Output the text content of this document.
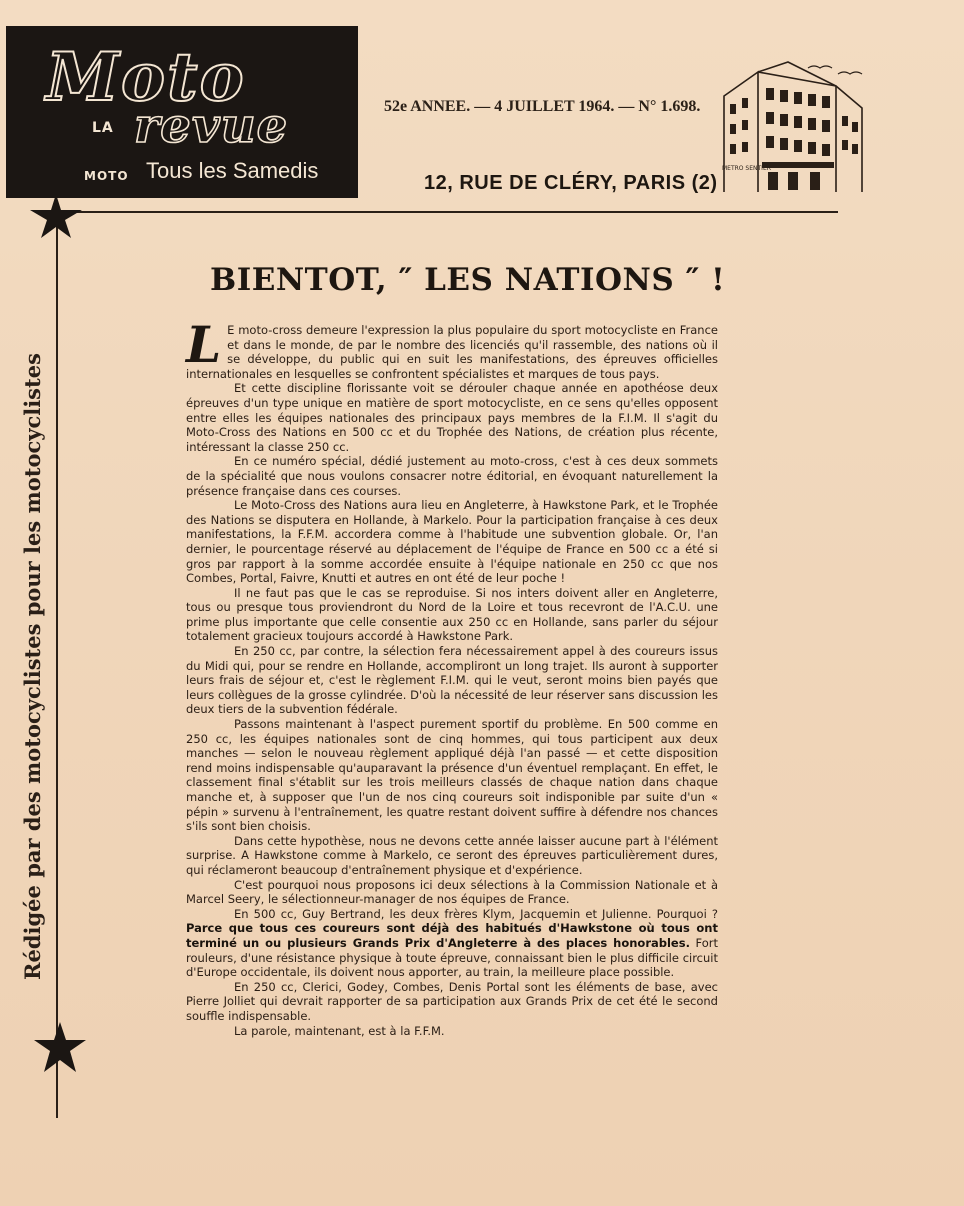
Moto
LA
MOTO
revue
Tous les Samedis
52e ANNEE. — 4 JUILLET 1964. — N° 1.698.
12, RUE DE CLÉRY, PARIS (2)
METRO SENTIER
Rédigée par des motocyclistes pour les motocyclistes
BIENTOT, ″ LES NATIONS ″ !

L E moto-cross demeure l'expression la plus populaire du sport motocycliste en France et dans le monde, de par le nombre des licenciés qu'il rassemble, des nations où il se développe, du public qui en suit les manifestations, des épreuves officielles internationales en lesquelles se confrontent spécialistes et marques de tous pays.

Et cette discipline florissante voit se dérouler chaque année en apothéose deux épreuves d'un type unique en matière de sport motocycliste, en ce sens qu'elles opposent entre elles les équipes nationales des principaux pays membres de la F.I.M. Il s'agit du Moto-Cross des Nations en 500 cc et du Trophée des Nations, de création plus récente, intéressant la classe 250 cc.

En ce numéro spécial, dédié justement au moto-cross, c'est à ces deux sommets de la spécialité que nous voulons consacrer notre éditorial, en évoquant naturellement la présence française dans ces courses.

Le Moto-Cross des Nations aura lieu en Angleterre, à Hawkstone Park, et le Trophée des Nations se disputera en Hollande, à Markelo. Pour la participation française à ces deux manifestations, la F.F.M. accordera comme à l'habitude une subvention globale. Or, l'an dernier, le pourcentage réservé au déplacement de l'équipe de France en 500 cc a été si gros par rapport à la somme accordée ensuite à l'équipe nationale en 250 cc que nos Combes, Portal, Faivre, Knutti et autres en ont été de leur poche !

Il ne faut pas que le cas se reproduise. Si nos inters doivent aller en Angleterre, tous ou presque tous proviendront du Nord de la Loire et tous recevront de l'A.C.U. une prime plus importante que celle consentie aux 250 cc en Hollande, sans parler du séjour totalement gracieux toujours accordé à Hawkstone Park.

En 250 cc, par contre, la sélection fera nécessairement appel à des coureurs issus du Midi qui, pour se rendre en Hollande, accompliront un long trajet. Ils auront à supporter leurs frais de séjour et, c'est le règlement F.I.M. qui le veut, seront moins bien payés que leurs collègues de la grosse cylindrée. D'où la nécessité de leur réserver sans discussion les deux tiers de la subvention fédérale.

Passons maintenant à l'aspect purement sportif du problème. En 500 comme en 250 cc, les équipes nationales sont de cinq hommes, qui tous participent aux deux manches — selon le nouveau règlement appliqué déjà l'an passé — et cette disposition rend moins indispensable qu'auparavant la présence d'un éventuel remplaçant. En effet, le classement final s'établit sur les trois meilleurs classés de chaque nation dans chaque manche et, à supposer que l'un de nos cinq coureurs soit indisponible par suite d'un « pépin » survenu à l'entraînement, les quatre restant doivent suffire à défendre nos chances s'ils sont bien choisis.

Dans cette hypothèse, nous ne devons cette année laisser aucune part à l'élément surprise. A Hawkstone comme à Markelo, ce seront des épreuves particulièrement dures, qui réclameront beaucoup d'entraînement physique et d'expérience.

C'est pourquoi nous proposons ici deux sélections à la Commission Nationale et à Marcel Seery, le sélectionneur-manager de nos équipes de France.

En 500 cc, Guy Bertrand, les deux frères Klym, Jacquemin et Julienne. Pourquoi ? Parce que tous ces coureurs sont déjà des habitués d'Hawkstone où tous ont terminé un ou plusieurs Grands Prix d'Angleterre à des places honorables. Fort rouleurs, d'une résistance physique à toute épreuve, connaissant bien le plus difficile circuit d'Europe occidentale, ils doivent nous apporter, au train, la meilleure place possible.

En 250 cc, Clerici, Godey, Combes, Denis Portal sont les éléments de base, avec Pierre Jolliet qui devrait rapporter de sa participation aux Grands Prix de cet été le second souffle indispensable.

La parole, maintenant, est à la F.F.M.
